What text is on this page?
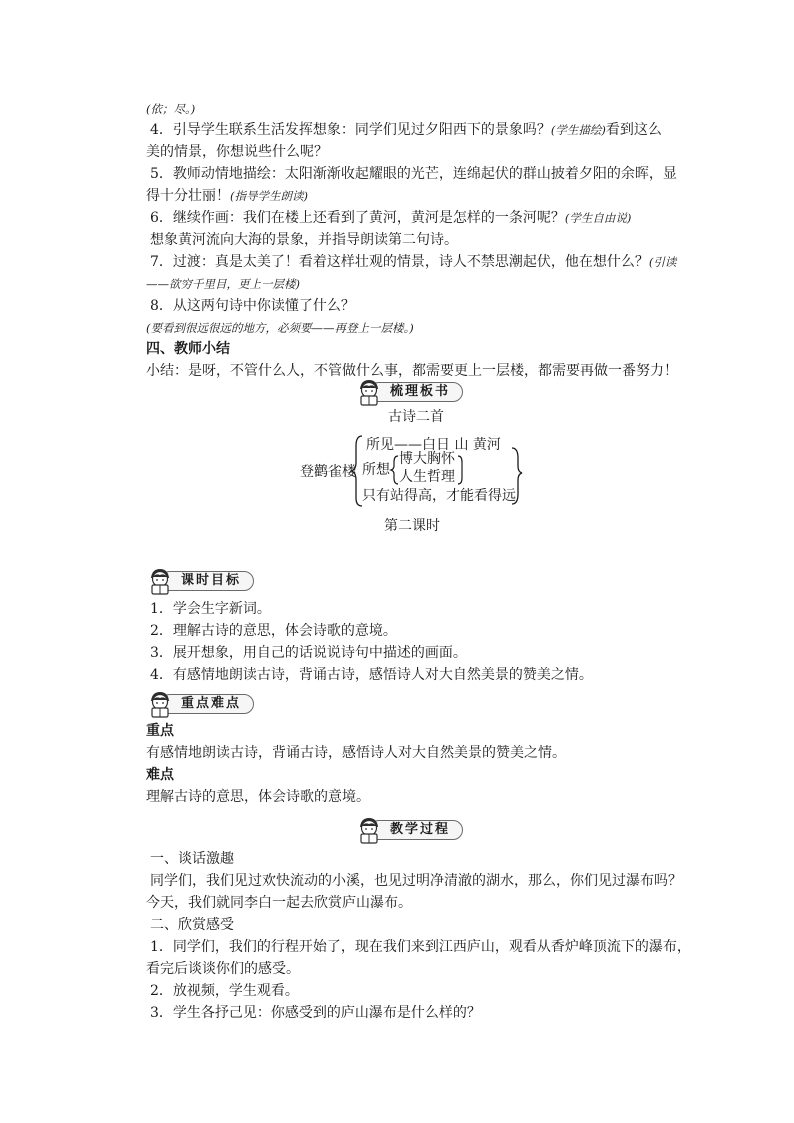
(依；尽。)
4．引导学生联系生活发挥想象：同学们见过夕阳西下的景象吗？(学生描绘)看到这么
美的情景，你想说些什么呢？
5．教师动情地描绘：太阳渐渐收起耀眼的光芒，连绵起伏的群山披着夕阳的余晖，显
得十分壮丽！(指导学生朗读)
6．继续作画：我们在楼上还看到了黄河，黄河是怎样的一条河呢？(学生自由说)
想象黄河流向大海的景象，并指导朗读第二句诗。
7．过渡：真是太美了！看着这样壮观的情景，诗人不禁思潮起伏，他在想什么？(引读
——欲穷千里目，更上一层楼)
8．从这两句诗中你读懂了什么？
(要看到很远很远的地方，必须要——再登上一层楼。)
四、教师小结
小结：是呀，不管什么人，不管做什么事，都需要更上一层楼，都需要再做一番努力！
梳理板书
古诗二首
登鹳雀楼
所见——白日 山 黄河
所想
博大胸怀
人生哲理
只有站得高，才能看得远
第二课时
课时目标
1．学会生字新词。
2．理解古诗的意思，体会诗歌的意境。
3．展开想象，用自己的话说说诗句中描述的画面。
4．有感情地朗读古诗，背诵古诗，感悟诗人对大自然美景的赞美之情。
重点难点
重点
有感情地朗读古诗，背诵古诗，感悟诗人对大自然美景的赞美之情。
难点
理解古诗的意思，体会诗歌的意境。
教学过程
一、谈话激趣
同学们，我们见过欢快流动的小溪，也见过明净清澈的湖水，那么，你们见过瀑布吗？
今天，我们就同李白一起去欣赏庐山瀑布。
二、欣赏感受
1．同学们，我们的行程开始了，现在我们来到江西庐山，观看从香炉峰顶流下的瀑布，
看完后谈谈你们的感受。
2．放视频，学生观看。
3．学生各抒己见：你感受到的庐山瀑布是什么样的？
